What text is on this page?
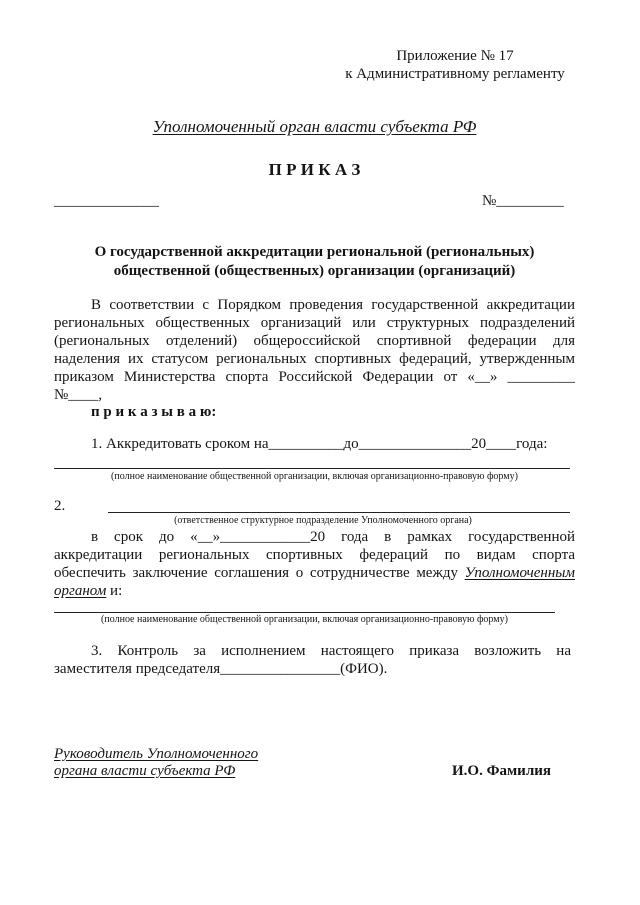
Приложение № 17
к Административному регламенту
Уполномоченный орган власти субъекта РФ
П Р И К А З
______________	№_________
О государственной аккредитации региональной (региональных)
общественной (общественных) организации (организаций)
В соответствии с Порядком проведения государственной аккредитации
региональных общественных организаций или структурных подразделений
(региональных отделений) общероссийской спортивной федерации для
наделения их статусом региональных спортивных федераций, утвержденным
приказом Министерства спорта Российской Федерации от «__» _________
№____,
п р и к а з ы в а ю:
1. Аккредитовать сроком на__________до_______________20____года:
(полное наименование общественной организации, включая организационно-правовую форму)
2.
(ответственное структурное подразделение Уполномоченного органа)
в срок до «__»____________20 года в рамках государственной
аккредитации региональных спортивных федераций по видам спорта
обеспечить заключение соглашения о сотрудничестве между Уполномоченным
органом и:
(полное наименование общественной организации, включая организационно-правовую форму)
3. Контроль за исполнением настоящего приказа возложить на
заместителя председателя________________(ФИО).
Руководитель Уполномоченного
органа власти субъекта РФ	И.О. Фамилия
